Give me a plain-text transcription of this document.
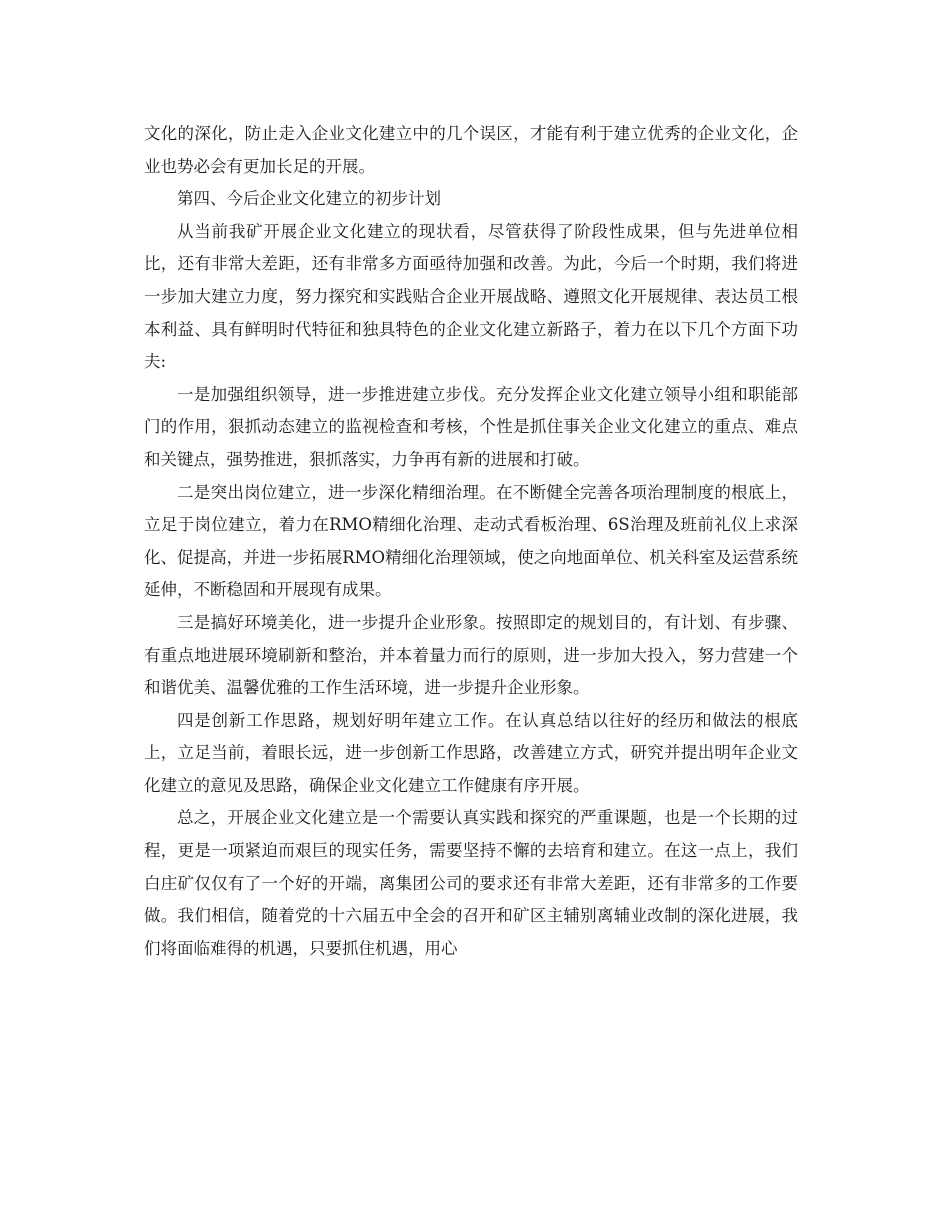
文化的深化，防止走入企业文化建立中的几个误区，才能有利于建立优秀的企业文化，企业也势必会有更加长足的开展。

第四、今后企业文化建立的初步计划

从当前我矿开展企业文化建立的现状看，尽管获得了阶段性成果，但与先进单位相比，还有非常大差距，还有非常多方面亟待加强和改善。为此，今后一个时期，我们将进一步加大建立力度，努力探究和实践贴合企业开展战略、遵照文化开展规律、表达员工根本利益、具有鲜明时代特征和独具特色的企业文化建立新路子，着力在以下几个方面下功夫:

一是加强组织领导，进一步推进建立步伐。充分发挥企业文化建立领导小组和职能部门的作用，狠抓动态建立的监视检查和考核，个性是抓住事关企业文化建立的重点、难点和关键点，强势推进，狠抓落实，力争再有新的进展和打破。

二是突出岗位建立，进一步深化精细治理。在不断健全完善各项治理制度的根底上，立足于岗位建立，着力在RMO精细化治理、走动式看板治理、6S治理及班前礼仪上求深化、促提高，并进一步拓展RMO精细化治理领域，使之向地面单位、机关科室及运营系统延伸，不断稳固和开展现有成果。

三是搞好环境美化，进一步提升企业形象。按照即定的规划目的，有计划、有步骤、有重点地进展环境刷新和整治，并本着量力而行的原则，进一步加大投入，努力营建一个和谐优美、温馨优雅的工作生活环境，进一步提升企业形象。

四是创新工作思路，规划好明年建立工作。在认真总结以往好的经历和做法的根底上，立足当前，着眼长远，进一步创新工作思路，改善建立方式，研究并提出明年企业文化建立的意见及思路，确保企业文化建立工作健康有序开展。

总之，开展企业文化建立是一个需要认真实践和探究的严重课题，也是一个长期的过程，更是一项紧迫而艰巨的现实任务，需要坚持不懈的去培育和建立。在这一点上，我们白庄矿仅仅有了一个好的开端，离集团公司的要求还有非常大差距，还有非常多的工作要做。我们相信，随着党的十六届五中全会的召开和矿区主辅别离辅业改制的深化进展，我们将面临难得的机遇，只要抓住机遇，用心
